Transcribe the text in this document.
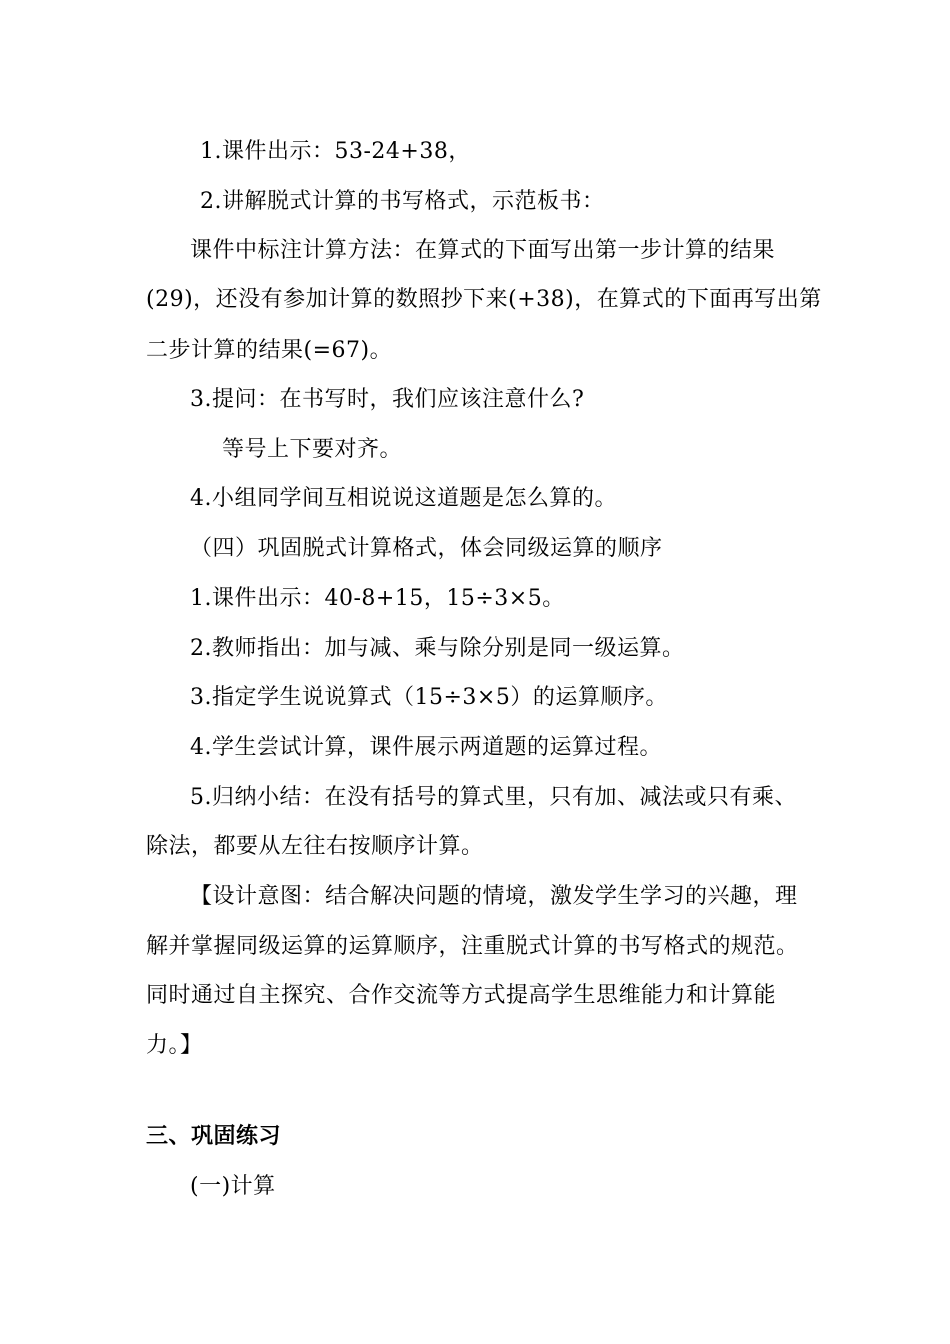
1.课件出示：53-24+38，
2.讲解脱式计算的书写格式，示范板书：
课件中标注计算方法：在算式的下面写出第一步计算的结果
(29)，还没有参加计算的数照抄下来(+38)，在算式的下面再写出第
二步计算的结果(=67)。
3.提问：在书写时，我们应该注意什么?
等号上下要对齐。
4.小组同学间互相说说这道题是怎么算的。
（四）巩固脱式计算格式，体会同级运算的顺序
1.课件出示：40-8+15，15÷3×5。
2.教师指出：加与减、乘与除分别是同一级运算。
3.指定学生说说算式（15÷3×5）的运算顺序。
4.学生尝试计算，课件展示两道题的运算过程。
5.归纳小结：在没有括号的算式里，只有加、减法或只有乘、
除法，都要从左往右按顺序计算。
【设计意图：结合解决问题的情境，激发学生学习的兴趣，理
解并掌握同级运算的运算顺序，注重脱式计算的书写格式的规范。
同时通过自主探究、合作交流等方式提高学生思维能力和计算能
力。】
三、巩固练习
(一)计算
